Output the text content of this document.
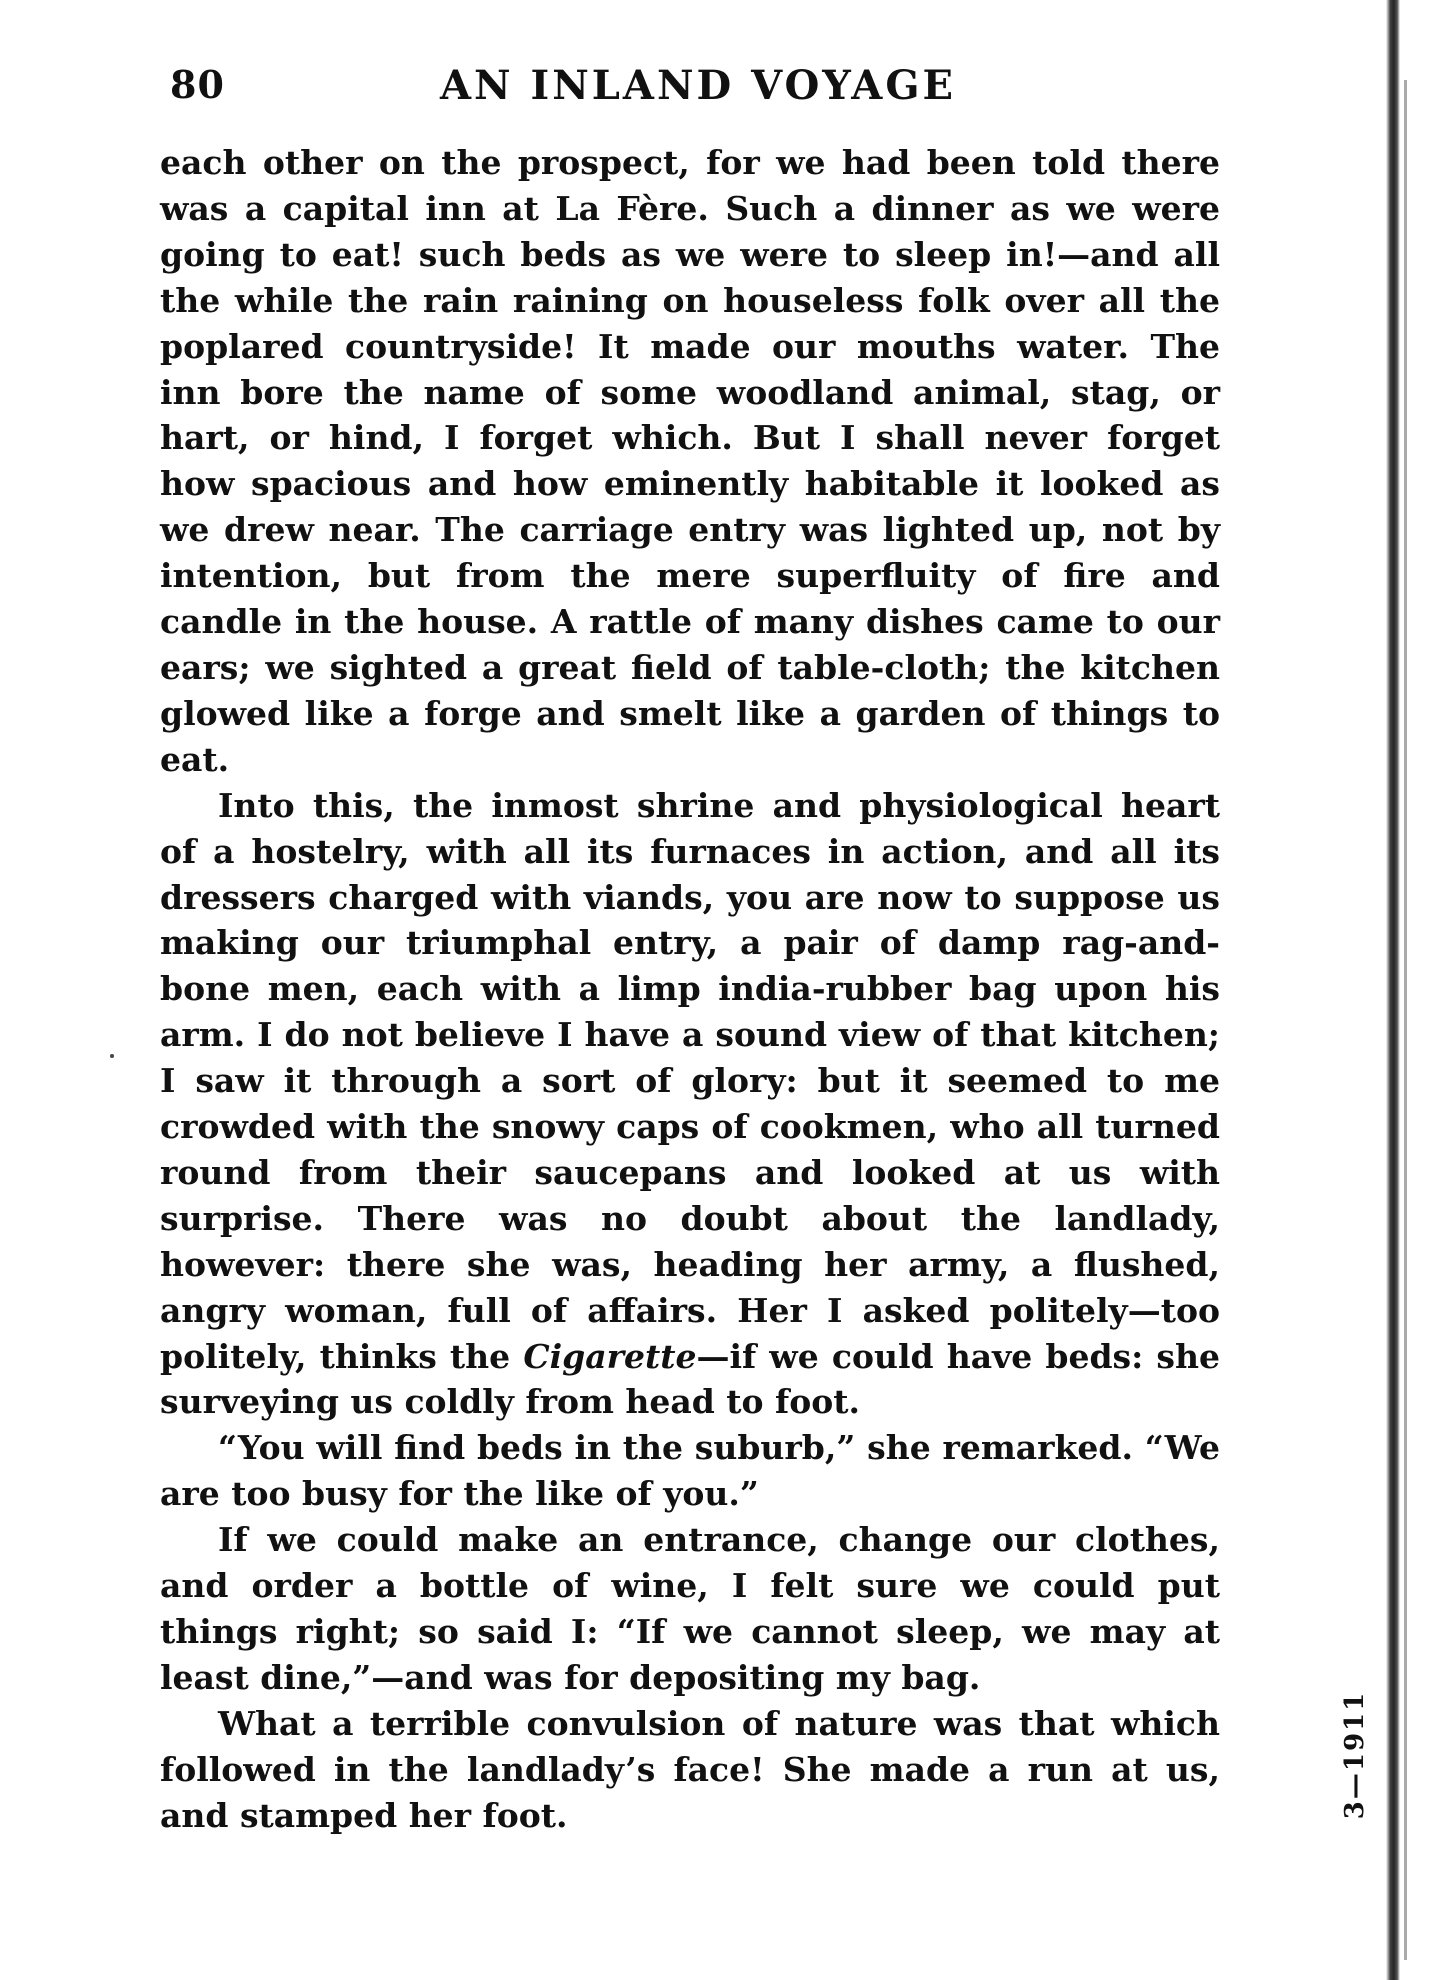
80	AN INLAND VOYAGE

each other on the prospect, for we had been told there was a capital inn at La Fère. Such a dinner as we were going to eat! such beds as we were to sleep in!—and all the while the rain raining on houseless folk over all the poplared countryside! It made our mouths water. The inn bore the name of some woodland animal, stag, or hart, or hind, I forget which. But I shall never forget how spacious and how eminently habitable it looked as we drew near. The carriage entry was lighted up, not by intention, but from the mere superfluity of fire and candle in the house. A rattle of many dishes came to our ears; we sighted a great field of table-cloth; the kitchen glowed like a forge and smelt like a garden of things to eat.

Into this, the inmost shrine and physiological heart of a hostelry, with all its furnaces in action, and all its dressers charged with viands, you are now to suppose us making our triumphal entry, a pair of damp rag-and-bone men, each with a limp india-rubber bag upon his arm. I do not believe I have a sound view of that kitchen; I saw it through a sort of glory: but it seemed to me crowded with the snowy caps of cookmen, who all turned round from their saucepans and looked at us with surprise. There was no doubt about the landlady, however: there she was, heading her army, a flushed, angry woman, full of affairs. Her I asked politely—too politely, thinks the Cigarette—if we could have beds: she surveying us coldly from head to foot.

“You will find beds in the suburb,” she remarked. “We are too busy for the like of you.”

If we could make an entrance, change our clothes, and order a bottle of wine, I felt sure we could put things right; so said I: “If we cannot sleep, we may at least dine,”—and was for depositing my bag.

What a terrible convulsion of nature was that which followed in the landlady’s face! She made a run at us, and stamped her foot.	3—1911
